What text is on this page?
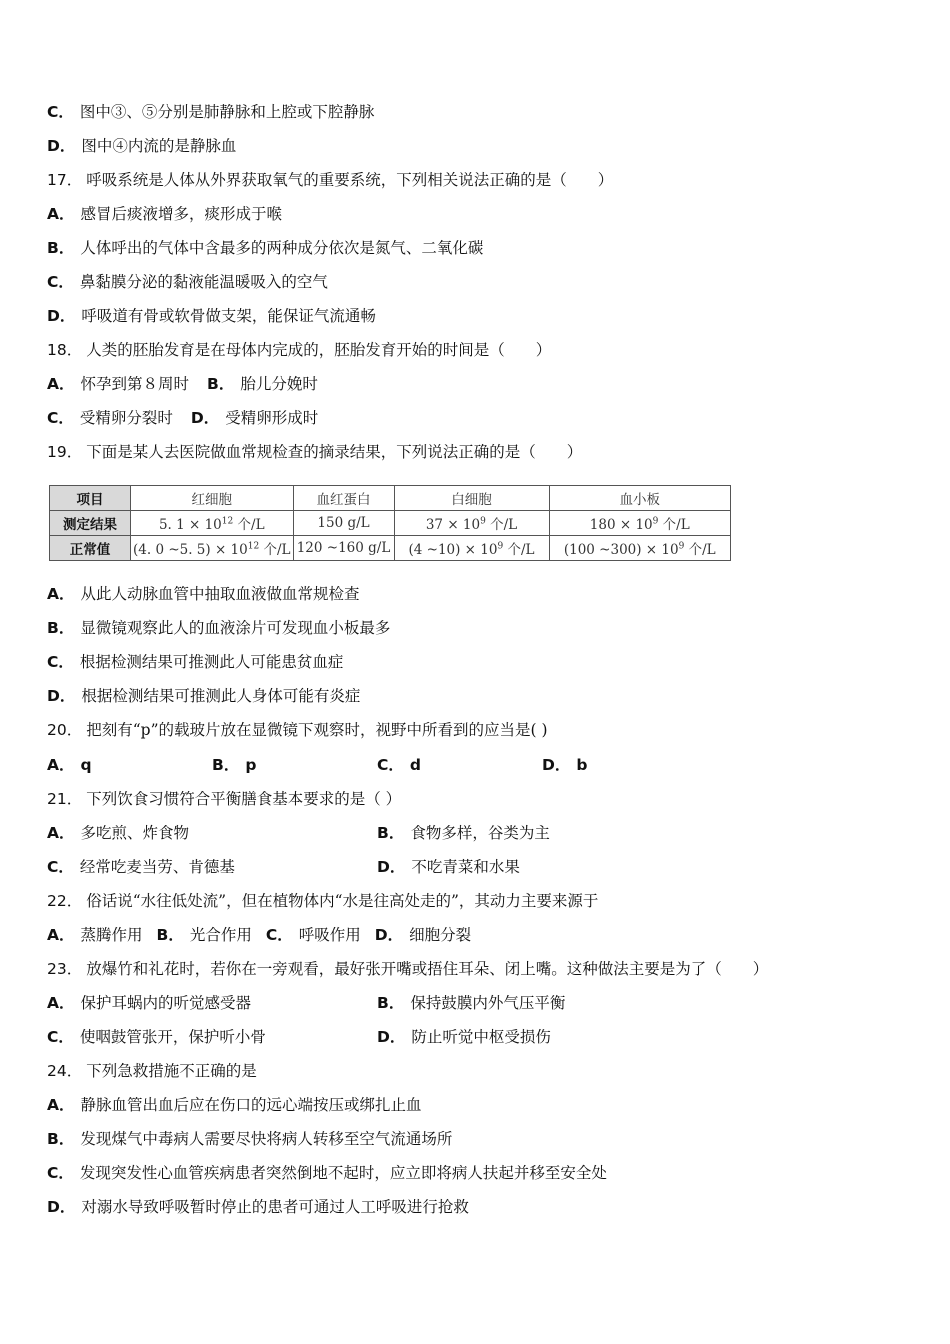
C． 图中③、⑤分别是肺静脉和上腔或下腔静脉
D． 图中④内流的是静脉血
17． 呼吸系统是人体从外界获取氧气的重要系统，下列相关说法正确的是（　　）
A． 感冒后痰液增多，痰形成于喉
B． 人体呼出的气体中含最多的两种成分依次是氮气、二氧化碳
C． 鼻黏膜分泌的黏液能温暖吸入的空气
D． 呼吸道有骨或软骨做支架，能保证气流通畅
18． 人类的胚胎发育是在母体内完成的，胚胎发育开始的时间是（　　）
A． 怀孕到第８周时 B． 胎儿分娩时
C． 受精卵分裂时 D． 受精卵形成时
19． 下面是某人去医院做血常规检查的摘录结果，下列说法正确的是（　　）
项目	红细胞	血红蛋白	白细胞	血小板
测定结果	5. $1 \times 10^{12}$ 个/L	150 g/L	$37 \times 10^9$ 个/L	$180 \times 10^9$ 个/L
正常值	(4. 0 ~5. $5) \times 10^{12}$ 个/L	120 ~160 g/L	(4 ~10) × $10^9$ 个/L	(100 ~300) × $10^9$ 个/L
A． 从此人动脉血管中抽取血液做血常规检查
B． 显微镜观察此人的血液涂片可发现血小板最多
C． 根据检测结果可推测此人可能患贫血症
D． 根据检测结果可推测此人身体可能有炎症
20． 把刻有“p”的载玻片放在显微镜下观察时，视野中所看到的应当是( )
A． q	B． p	C． d	D． b
21． 下列饮食习惯符合平衡膳食基本要求的是（ ）
A． 多吃煎、炸食物	B． 食物多样，谷类为主
C． 经常吃麦当劳、肯德基	D． 不吃青菜和水果
22． 俗话说“水往低处流”，但在植物体内“水是往高处走的”，其动力主要来源于
A． 蒸腾作用 B． 光合作用 C． 呼吸作用 D． 细胞分裂
23． 放爆竹和礼花时，若你在一旁观看，最好张开嘴或捂住耳朵、闭上嘴。这种做法主要是为了（　　）
A． 保护耳蜗内的听觉感受器	B． 保持鼓膜内外气压平衡
C． 使咽鼓管张开，保护听小骨	D． 防止听觉中枢受损伤
24． 下列急救措施不正确的是
A． 静脉血管出血后应在伤口的远心端按压或绑扎止血
B． 发现煤气中毒病人需要尽快将病人转移至空气流通场所
C． 发现突发性心血管疾病患者突然倒地不起时，应立即将病人扶起并移至安全处
D． 对溺水导致呼吸暂时停止的患者可通过人工呼吸进行抢救
